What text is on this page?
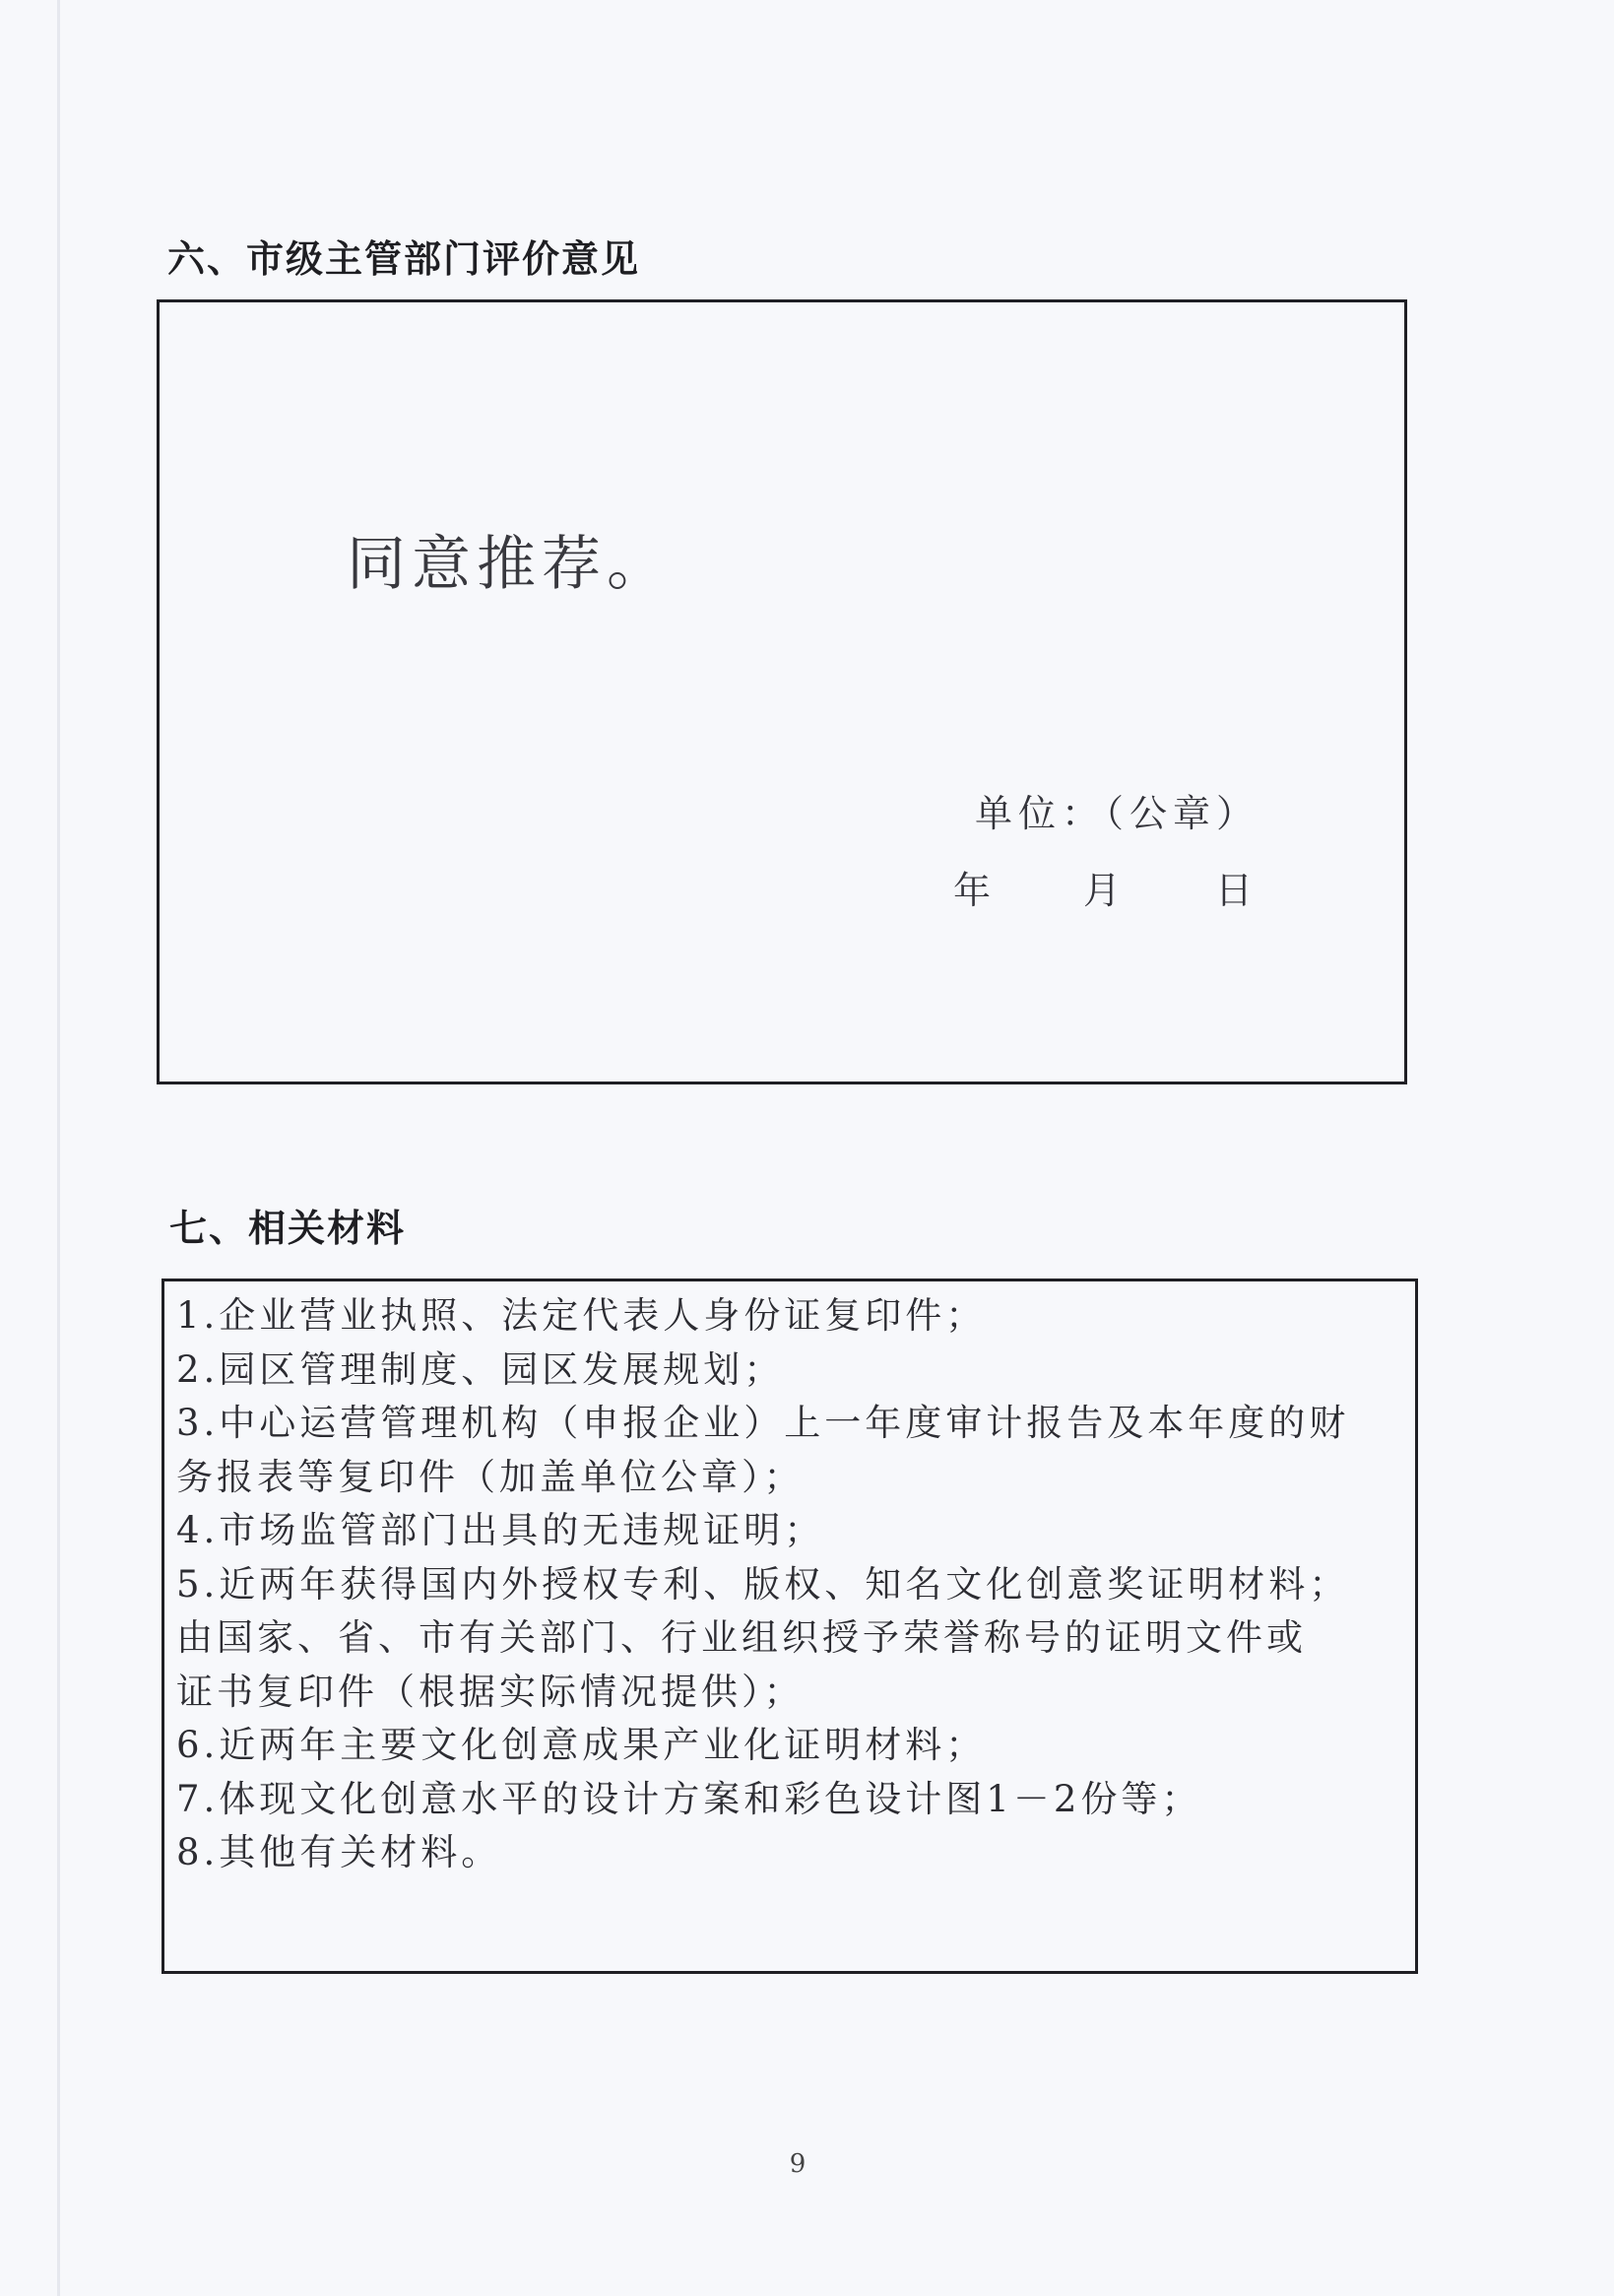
六、市级主管部门评价意见
同意推荐。
单位：（公章）
年 月	日
七、相关材料
1.企业营业执照、法定代表人身份证复印件；
2.园区管理制度、园区发展规划；
3.中心运营管理机构（申报企业）上一年度审计报告及本年度的财
务报表等复印件（加盖单位公章）；
4.市场监管部门出具的无违规证明；
5.近两年获得国内外授权专利、版权、知名文化创意奖证明材料；
由国家、省、市有关部门、行业组织授予荣誉称号的证明文件或
证书复印件（根据实际情况提供）；
6.近两年主要文化创意成果产业化证明材料；
7.体现文化创意水平的设计方案和彩色设计图1－2份等；
8.其他有关材料。
9
